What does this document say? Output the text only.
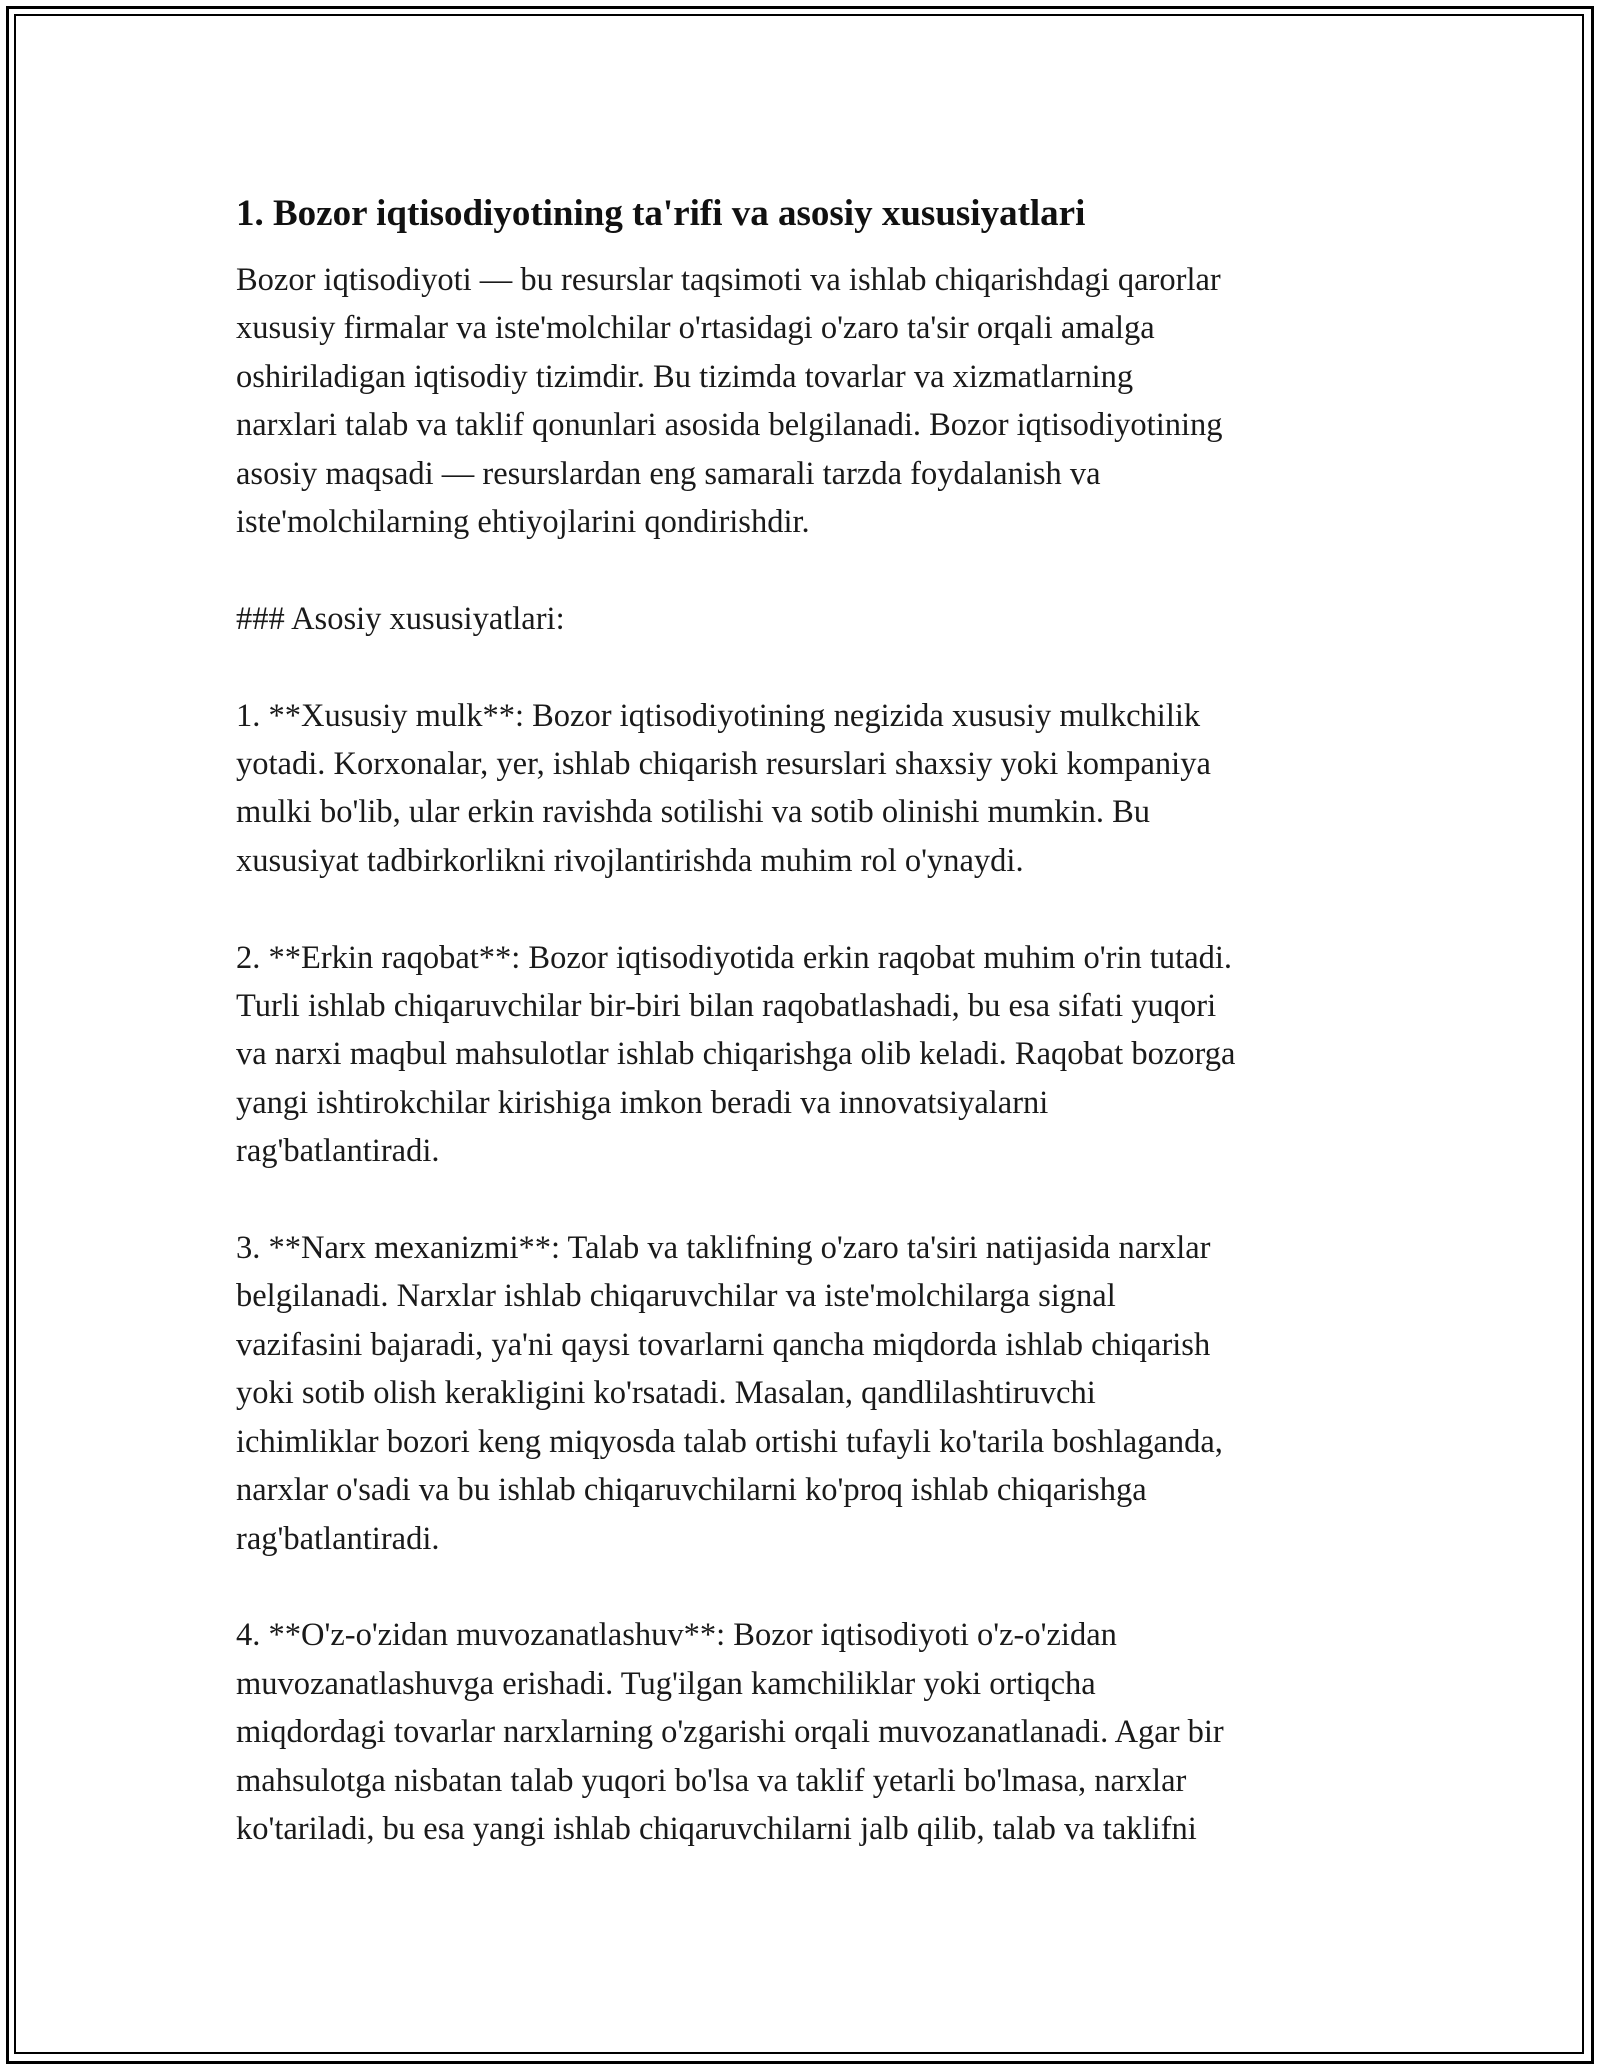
1. Bozor iqtisodiyotining ta'rifi va asosiy xususiyatlari

Bozor iqtisodiyoti — bu resurslar taqsimoti va ishlab chiqarishdagi qarorlar
xususiy firmalar va iste'molchilar o'rtasidagi o'zaro ta'sir orqali amalga
oshiriladigan iqtisodiy tizimdir. Bu tizimda tovarlar va xizmatlarning
narxlari talab va taklif qonunlari asosida belgilanadi. Bozor iqtisodiyotining
asosiy maqsadi — resurslardan eng samarali tarzda foydalanish va
iste'molchilarning ehtiyojlarini qondirishdir.

### Asosiy xususiyatlari:

1. **Xususiy mulk**: Bozor iqtisodiyotining negizida xususiy mulkchilik
yotadi. Korxonalar, yer, ishlab chiqarish resurslari shaxsiy yoki kompaniya
mulki bo'lib, ular erkin ravishda sotilishi va sotib olinishi mumkin. Bu
xususiyat tadbirkorlikni rivojlantirishda muhim rol o'ynaydi.

2. **Erkin raqobat**: Bozor iqtisodiyotida erkin raqobat muhim o'rin tutadi.
Turli ishlab chiqaruvchilar bir-biri bilan raqobatlashadi, bu esa sifati yuqori
va narxi maqbul mahsulotlar ishlab chiqarishga olib keladi. Raqobat bozorga
yangi ishtirokchilar kirishiga imkon beradi va innovatsiyalarni
rag'batlantiradi.

3. **Narx mexanizmi**: Talab va taklifning o'zaro ta'siri natijasida narxlar
belgilanadi. Narxlar ishlab chiqaruvchilar va iste'molchilarga signal
vazifasini bajaradi, ya'ni qaysi tovarlarni qancha miqdorda ishlab chiqarish
yoki sotib olish kerakligini ko'rsatadi. Masalan, qandlilashtiruvchi
ichimliklar bozori keng miqyosda talab ortishi tufayli ko'tarila boshlaganda,
narxlar o'sadi va bu ishlab chiqaruvchilarni ko'proq ishlab chiqarishga
rag'batlantiradi.

4. **O'z-o'zidan muvozanatlashuv**: Bozor iqtisodiyoti o'z-o'zidan
muvozanatlashuvga erishadi. Tug'ilgan kamchiliklar yoki ortiqcha
miqdordagi tovarlar narxlarning o'zgarishi orqali muvozanatlanadi. Agar bir
mahsulotga nisbatan talab yuqori bo'lsa va taklif yetarli bo'lmasa, narxlar
ko'tariladi, bu esa yangi ishlab chiqaruvchilarni jalb qilib, talab va taklifni
